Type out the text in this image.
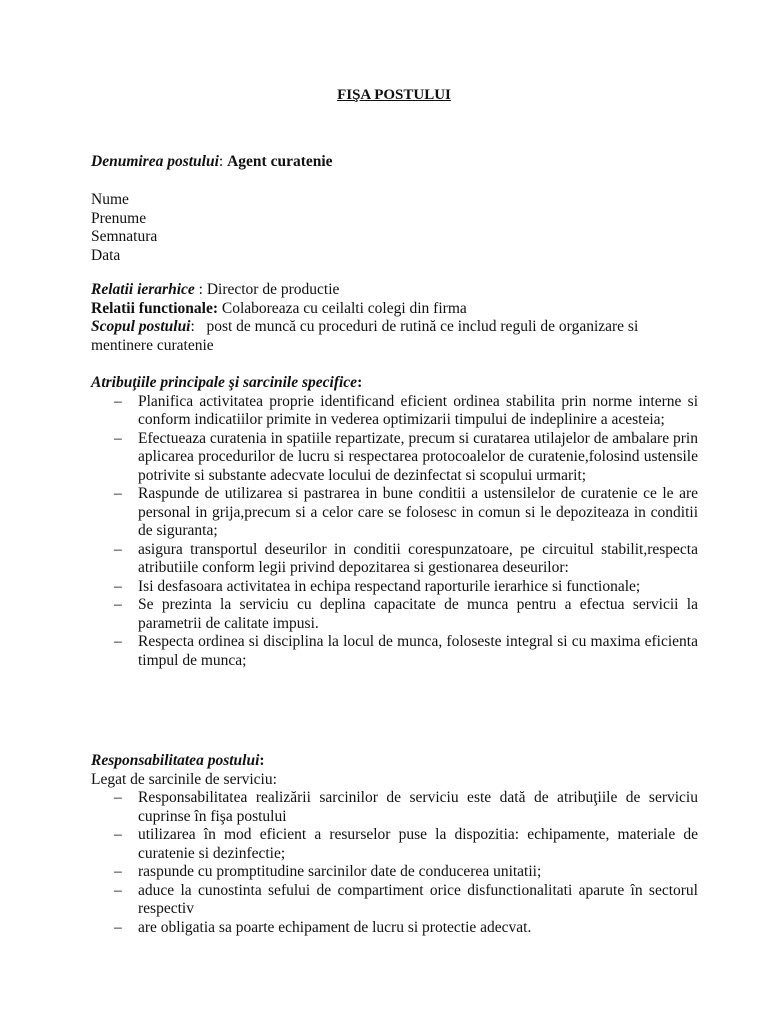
FIŞA POSTULUI
Denumirea postului: Agent curatenie
Nume
Prenume
Semnatura
Data
Relatii ierarhice : Director de productie
Relatii functionale: Colaboreaza cu ceilalti colegi din firma
Scopul postului:   post de muncă cu proceduri de rutină ce includ reguli de organizare si mentinere curatenie
Atribuţiile principale şi sarcinile specifice:
– Planifica activitatea proprie identificand eficient ordinea stabilita prin norme interne si conform indicatiilor primite in vederea optimizarii timpului de indeplinire a acesteia;
– Efectueaza curatenia in spatiile repartizate, precum si curatarea utilajelor de ambalare prin aplicarea procedurilor de lucru si respectarea protocoalelor de curatenie,folosind ustensile potrivite si substante adecvate locului de dezinfectat si scopului urmarit;
– Raspunde de utilizarea si pastrarea in bune conditii a ustensilelor de curatenie ce le are personal in grija,precum si a celor care se folosesc in comun si le depoziteaza in conditii de siguranta;
– asigura transportul deseurilor in conditii corespunzatoare, pe circuitul stabilit,respecta atributiile conform legii privind depozitarea si gestionarea deseurilor:
– Isi desfasoara activitatea in echipa respectand raporturile ierarhice si functionale;
– Se prezinta la serviciu cu deplina capacitate de munca pentru a efectua servicii la parametrii de calitate impusi.
– Respecta ordinea si disciplina la locul de munca, foloseste integral si cu maxima eficienta timpul de munca;
Responsabilitatea postului:
Legat de sarcinile de serviciu:
– Responsabilitatea realizării sarcinilor de serviciu este dată de atribuţiile de serviciu cuprinse în fişa postului
– utilizarea în mod eficient a resurselor puse la dispozitia: echipamente, materiale de curatenie si dezinfectie;
– raspunde cu promptitudine sarcinilor date de conducerea unitatii;
– aduce la cunostinta sefului de compartiment orice disfunctionalitati aparute în sectorul respectiv
– are obligatia sa poarte echipament de lucru si protectie adecvat.
